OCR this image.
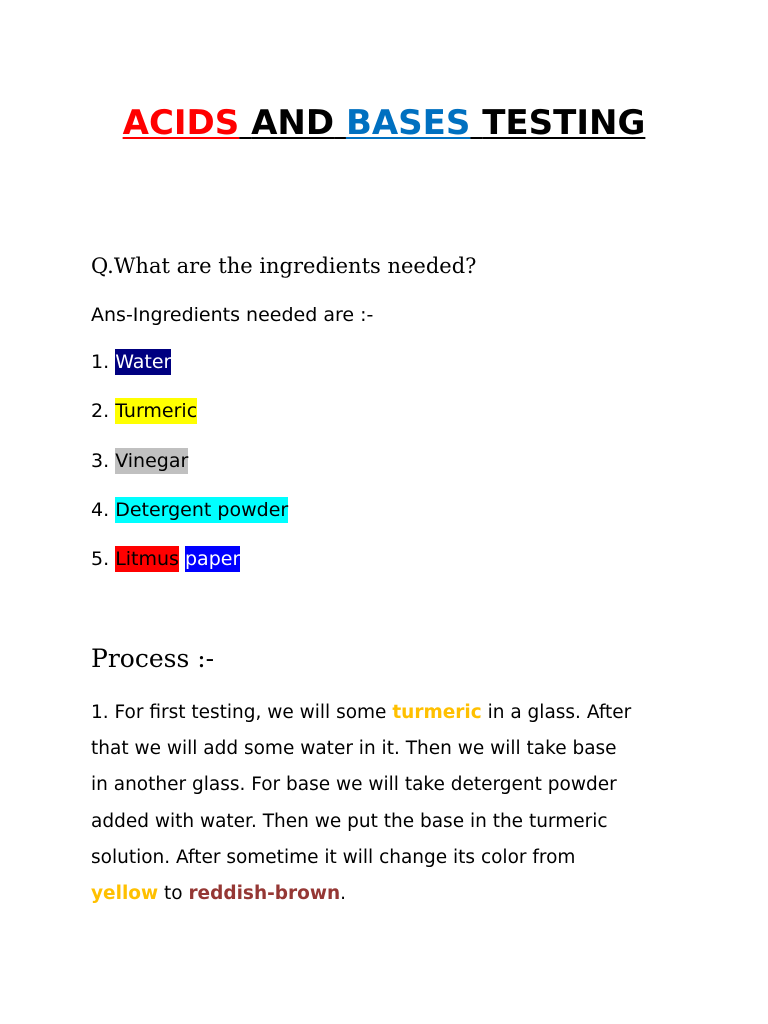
ACIDS AND BASES TESTING
Q.What are the ingredients needed?
Ans-Ingredients needed are :-
1. Water
2. Turmeric
3. Vinegar
4. Detergent powder
5. Litmus paper
Process :-

1. For first testing, we will some turmeric in a glass. After
that we will add some water in it. Then we will take base
in another glass. For base we will take detergent powder
added with water. Then we put the base in the turmeric
solution. After sometime it will change its color from
yellow to reddish-brown.
